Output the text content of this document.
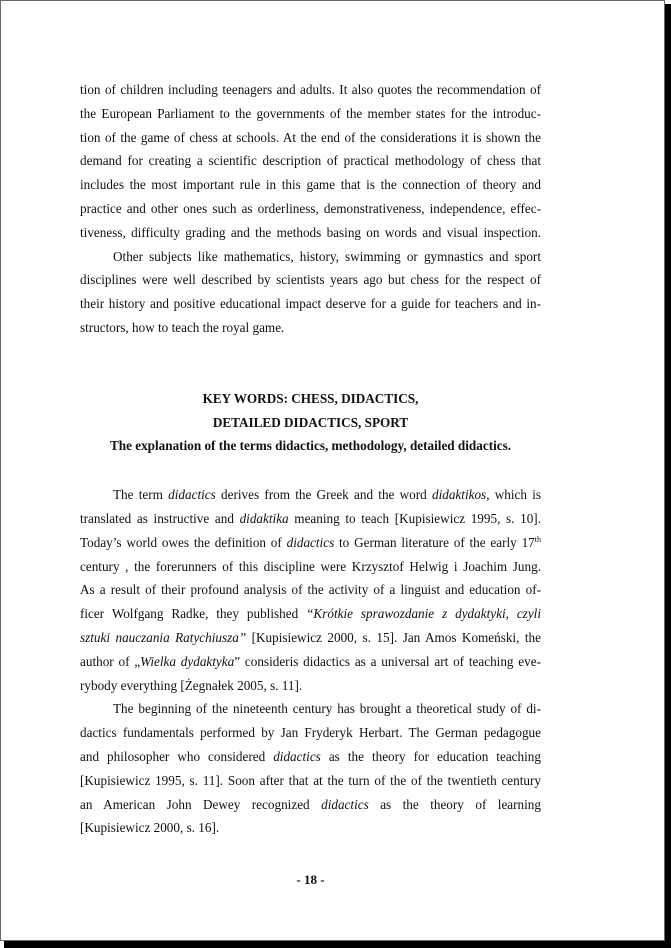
tion of children including teenagers and adults. It also quotes the recommendation of
the European Parliament to the governments of the member states for the introduc-
tion of the game of chess at schools. At the end of the considerations it is shown the
demand for creating a scientific description of practical methodology of chess that
includes the most important rule in this game that is the connection of theory and
practice and other ones such as orderliness, demonstrativeness, independence, effec-
tiveness, difficulty grading and the methods basing on words and visual inspection.
Other subjects like mathematics, history, swimming or gymnastics and sport
disciplines were well described by scientists years ago but chess for the respect of
their history and positive educational impact deserve for a guide for teachers and in-
structors, how to teach the royal game.
KEY WORDS: CHESS, DIDACTICS,
DETAILED DIDACTICS, SPORT
The explanation of the terms didactics, methodology, detailed didactics.
The term didactics derives from the Greek and the word didaktikos, which is
translated as instructive and didaktika meaning to teach [Kupisiewicz 1995, s. 10].
Today’s world owes the definition of didactics to German literature of the early 17th
century , the forerunners of this discipline were Krzysztof Helwig i Joachim Jung.
As a result of their profound analysis of the activity of a linguist and education of-
ficer Wolfgang Radke, they published “Krótkie sprawozdanie z dydaktyki, czyli
sztuki nauczania Ratychiusza” [Kupisiewicz 2000, s. 15]. Jan Amos Komeński, the
author of „Wielka dydaktyka” consideris didactics as a universal art of teaching eve-
rybody everything [Żegnałek 2005, s. 11].
The beginning of the nineteenth century has brought a theoretical study of di-
dactics fundamentals performed by Jan Fryderyk Herbart. The German pedagogue
and philosopher who considered didactics as the theory for education teaching
[Kupisiewicz 1995, s. 11]. Soon after that at the turn of the of the twentieth century
an American John Dewey recognized didactics as the theory of learning
[Kupisiewicz 2000, s. 16].
- 18 -
